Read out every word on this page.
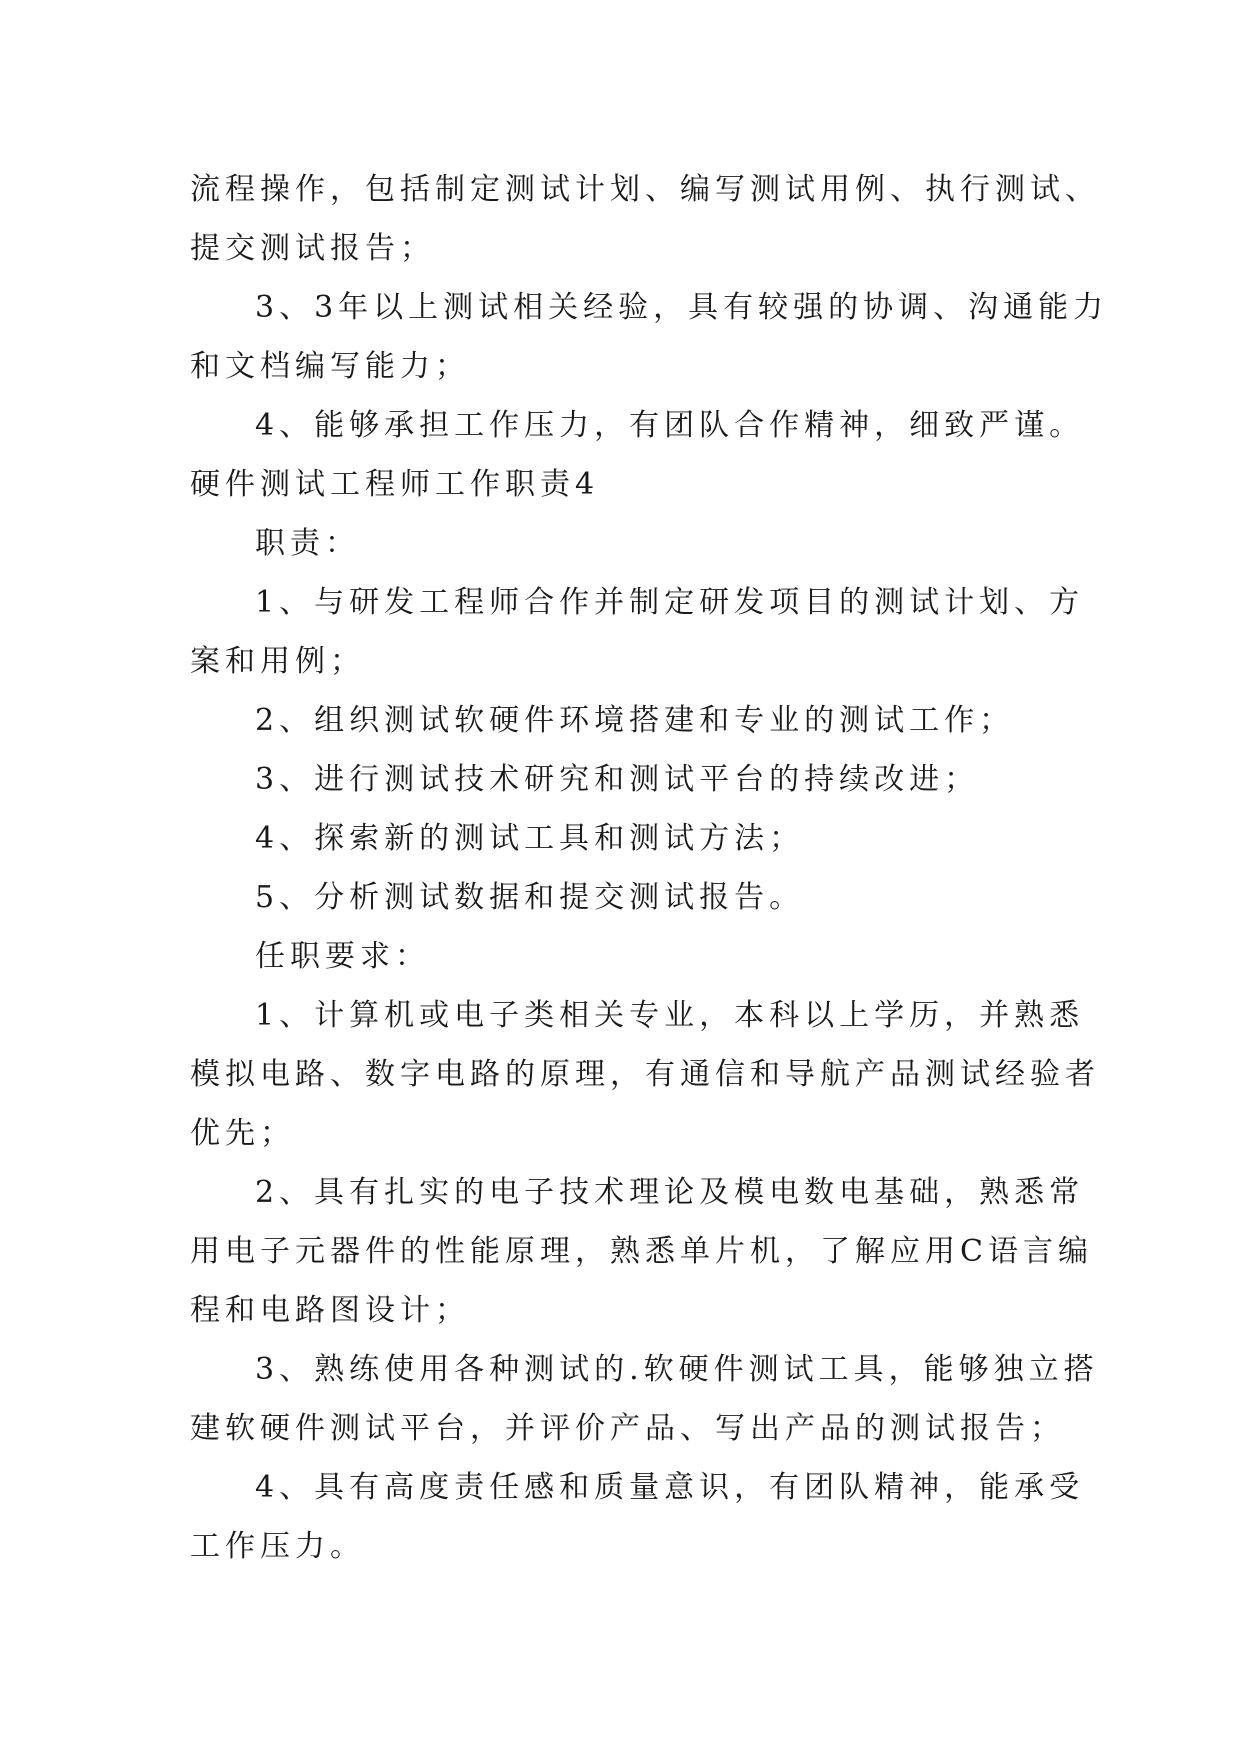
流程操作，包括制定测试计划、编写测试用例、执行测试、
提交测试报告；
3、3年以上测试相关经验，具有较强的协调、沟通能力
和文档编写能力；
4、能够承担工作压力，有团队合作精神，细致严谨。
硬件测试工程师工作职责4
职责：
1、与研发工程师合作并制定研发项目的测试计划、方
案和用例；
2、组织测试软硬件环境搭建和专业的测试工作；
3、进行测试技术研究和测试平台的持续改进；
4、探索新的测试工具和测试方法；
5、分析测试数据和提交测试报告。
任职要求：
1、计算机或电子类相关专业，本科以上学历，并熟悉
模拟电路、数字电路的原理，有通信和导航产品测试经验者
优先；
2、具有扎实的电子技术理论及模电数电基础，熟悉常
用电子元器件的性能原理，熟悉单片机，了解应用C语言编
程和电路图设计；
3、熟练使用各种测试的.软硬件测试工具，能够独立搭
建软硬件测试平台，并评价产品、写出产品的测试报告；
4、具有高度责任感和质量意识，有团队精神，能承受
工作压力。
